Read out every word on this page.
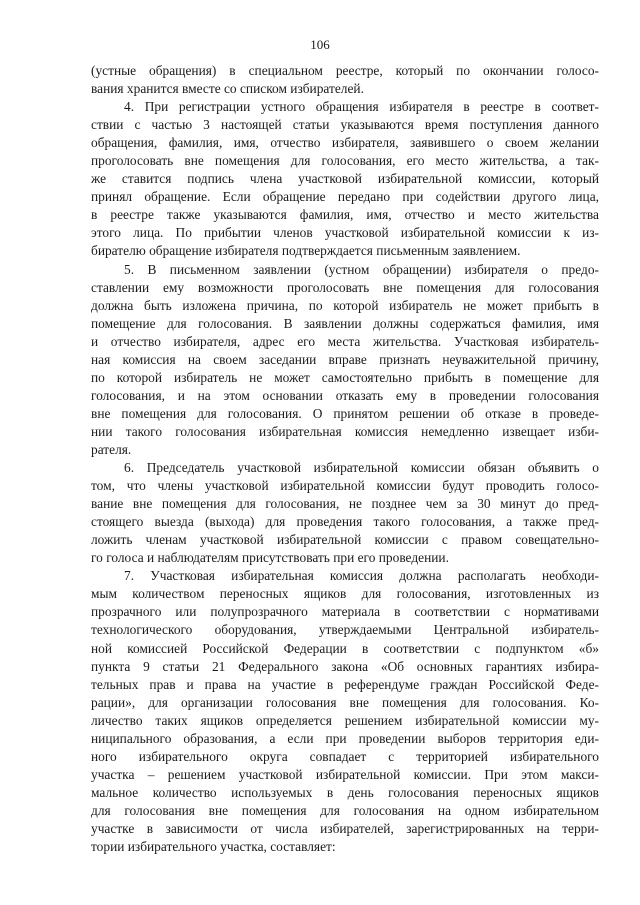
106
(устные обращения) в специальном реестре, который по окончании голосо-
вания хранится вместе со списком избирателей.
4. При регистрации устного обращения избирателя в реестре в соответ-
ствии с частью 3 настоящей статьи указываются время поступления данного
обращения, фамилия, имя, отчество избирателя, заявившего о своем желании
проголосовать вне помещения для голосования, его место жительства, а так-
же ставится подпись члена участковой избирательной комиссии, который
принял обращение. Если обращение передано при содействии другого лица,
в реестре также указываются фамилия, имя, отчество и место жительства
этого лица. По прибытии членов участковой избирательной комиссии к из-
бирателю обращение избирателя подтверждается письменным заявлением.
5. В письменном заявлении (устном обращении) избирателя о предо-
ставлении ему возможности проголосовать вне помещения для голосования
должна быть изложена причина, по которой избиратель не может прибыть в
помещение для голосования. В заявлении должны содержаться фамилия, имя
и отчество избирателя, адрес его места жительства. Участковая избиратель-
ная комиссия на своем заседании вправе признать неуважительной причину,
по которой избиратель не может самостоятельно прибыть в помещение для
голосования, и на этом основании отказать ему в проведении голосования
вне помещения для голосования. О принятом решении об отказе в проведе-
нии такого голосования избирательная комиссия немедленно извещает изби-
рателя.
6. Председатель участковой избирательной комиссии обязан объявить о
том, что члены участковой избирательной комиссии будут проводить голосо-
вание вне помещения для голосования, не позднее чем за 30 минут до пред-
стоящего выезда (выхода) для проведения такого голосования, а также пред-
ложить членам участковой избирательной комиссии с правом совещательно-
го голоса и наблюдателям присутствовать при его проведении.
7. Участковая избирательная комиссия должна располагать необходи-
мым количеством переносных ящиков для голосования, изготовленных из
прозрачного или полупрозрачного материала в соответствии с нормативами
технологического оборудования, утверждаемыми Центральной избиратель-
ной комиссией Российской Федерации в соответствии с подпунктом «б»
пункта 9 статьи 21 Федерального закона «Об основных гарантиях избира-
тельных прав и права на участие в референдуме граждан Российской Феде-
рации», для организации голосования вне помещения для голосования. Ко-
личество таких ящиков определяется решением избирательной комиссии му-
ниципального образования, а если при проведении выборов территория еди-
ного избирательного округа совпадает с территорией избирательного
участка – решением участковой избирательной комиссии. При этом макси-
мальное количество используемых в день голосования переносных ящиков
для голосования вне помещения для голосования на одном избирательном
участке в зависимости от числа избирателей, зарегистрированных на терри-
тории избирательного участка, составляет:
